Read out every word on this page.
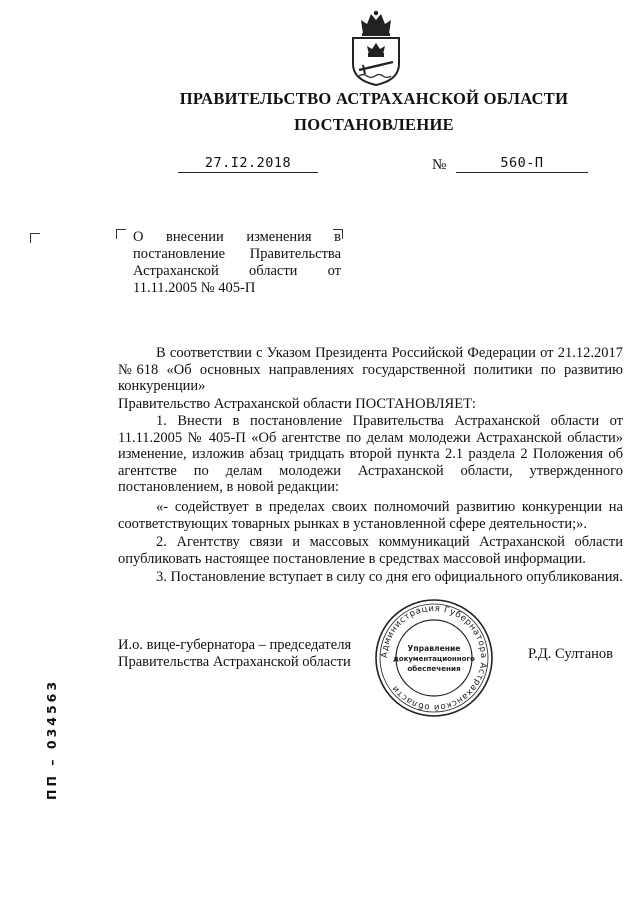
ПРАВИТЕЛЬСТВО АСТРАХАНСКОЙ ОБЛАСТИ
ПОСТАНОВЛЕНИЕ
27.I2.2018	№	560-П
О внесении изменения в постановление Правительства Астраханской области от 11.11.2005 № 405-П
В соответствии с Указом Президента Российской Федерации от 21.12.2017 №618 «Об основных направлениях государственной политики по развитию конкуренции»
Правительство Астраханской области ПОСТАНОВЛЯЕТ:
1. Внести в постановление Правительства Астраханской области от 11.11.2005 № 405-П «Об агентстве по делам молодежи Астраханской области» изменение, изложив абзац тридцать второй пункта 2.1 раздела 2 Положения об агентстве по делам молодежи Астраханской области, утвержденного постановлением, в новой редакции:
«- содействует в пределах своих полномочий развитию конкуренции на соответствующих товарных рынках в установленной сфере деятельности;».
2. Агентству связи и массовых коммуникаций Астраханской области опубликовать настоящее постановление в средствах массовой информации.
3. Постановление вступает в силу со дня его официального опубликования.
И.о. вице-губернатора – председателя
Правительства Астраханской области	Р.Д. Султанов
Администрация Губернатора Астраханской области
Управление
документационного
обеспечения
ПП – 034563
